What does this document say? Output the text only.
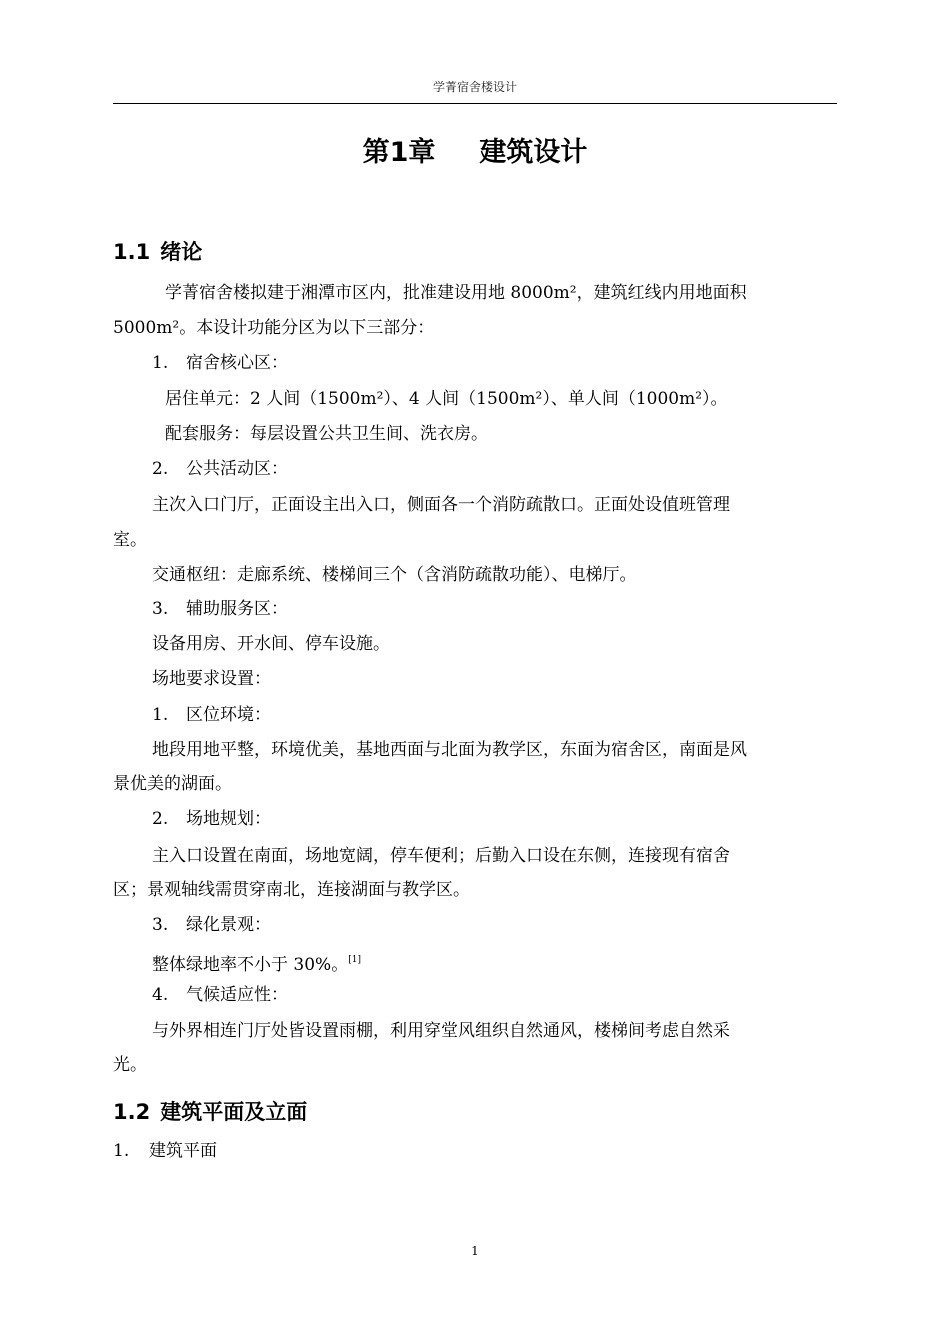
学菁宿舍楼设计
第1章 建筑设计
1.1 绪论
学菁宿舍楼拟建于湘潭市区内，批准建设用地 8000m²，建筑红线内用地面积
5000m²。本设计功能分区为以下三部分：
1. 宿舍核心区：
居住单元：2 人间（1500m²）、4 人间（1500m²）、单人间（1000m²）。
配套服务：每层设置公共卫生间、洗衣房。
2. 公共活动区：
主次入口门厅，正面设主出入口，侧面各一个消防疏散口。正面处设值班管理
室。
交通枢纽：走廊系统、楼梯间三个（含消防疏散功能）、电梯厅。
3. 辅助服务区：
设备用房、开水间、停车设施。
场地要求设置：
1. 区位环境：
地段用地平整，环境优美，基地西面与北面为教学区，东面为宿舍区，南面是风
景优美的湖面。
2. 场地规划：
主入口设置在南面，场地宽阔，停车便利；后勤入口设在东侧，连接现有宿舍
区；景观轴线需贯穿南北，连接湖面与教学区。
3. 绿化景观：
整体绿地率不小于 30%。[1]
4. 气候适应性：
与外界相连门厅处皆设置雨棚，利用穿堂风组织自然通风，楼梯间考虑自然采
光。
1.2 建筑平面及立面
1. 建筑平面
1
